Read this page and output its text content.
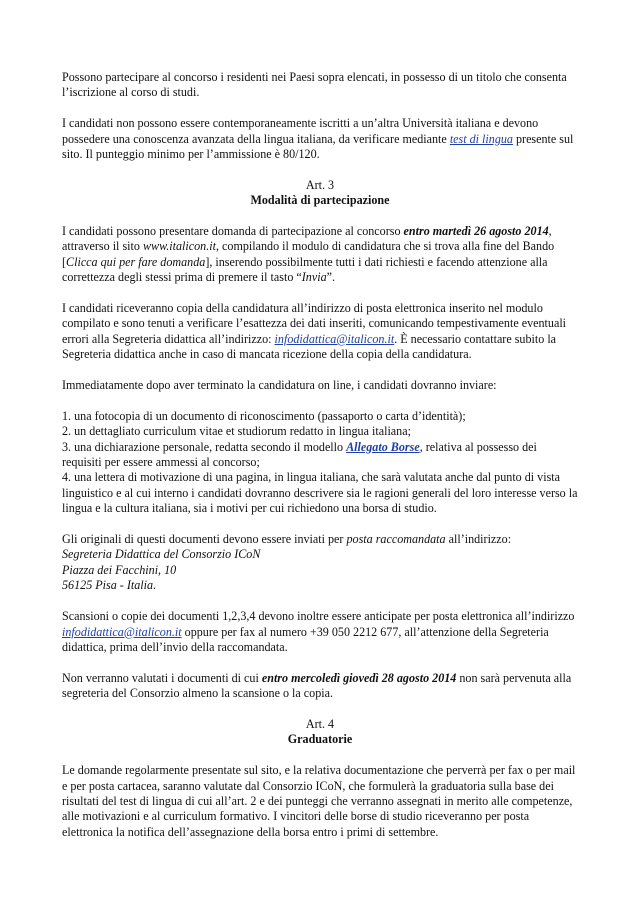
Possono partecipare al concorso i residenti nei Paesi sopra elencati, in possesso di un titolo che consenta l’iscrizione al corso di studi.

I candidati non possono essere contemporaneamente iscritti a un’altra Università italiana e devono possedere una conoscenza avanzata della lingua italiana, da verificare mediante test di lingua presente sul sito. Il punteggio minimo per l’ammissione è 80/120.

Art. 3
Modalità di partecipazione

I candidati possono presentare domanda di partecipazione al concorso entro martedì 26 agosto 2014, attraverso il sito www.italicon.it, compilando il modulo di candidatura che si trova alla fine del Bando [Clicca qui per fare domanda], inserendo possibilmente tutti i dati richiesti e facendo attenzione alla correttezza degli stessi prima di premere il tasto “Invia”.

I candidati riceveranno copia della candidatura all’indirizzo di posta elettronica inserito nel modulo compilato e sono tenuti a verificare l’esattezza dei dati inseriti, comunicando tempestivamente eventuali errori alla Segreteria didattica all’indirizzo: infodidattica@italicon.it. È necessario contattare subito la Segreteria didattica anche in caso di mancata ricezione della copia della candidatura.

Immediatamente dopo aver terminato la candidatura on line, i candidati dovranno inviare:

1. una fotocopia di un documento di riconoscimento (passaporto o carta d’identità);
2. un dettagliato curriculum vitae et studiorum redatto in lingua italiana;
3. una dichiarazione personale, redatta secondo il modello Allegato Borse, relativa al possesso dei requisiti per essere ammessi al concorso;
4. una lettera di motivazione di una pagina, in lingua italiana, che sarà valutata anche dal punto di vista linguistico e al cui interno i candidati dovranno descrivere sia le ragioni generali del loro interesse verso la lingua e la cultura italiana, sia i motivi per cui richiedono una borsa di studio.

Gli originali di questi documenti devono essere inviati per posta raccomandata all’indirizzo:
Segreteria Didattica del Consorzio ICoN
Piazza dei Facchini, 10
56125 Pisa - Italia.

Scansioni o copie dei documenti 1,2,3,4 devono inoltre essere anticipate per posta elettronica all’indirizzo infodidattica@italicon.it oppure per fax al numero +39 050 2212 677, all’attenzione della Segreteria didattica, prima dell’invio della raccomandata.

Non verranno valutati i documenti di cui entro mercoledì giovedì 28 agosto 2014 non sarà pervenuta alla segreteria del Consorzio almeno la scansione o la copia.

Art. 4
Graduatorie

Le domande regolarmente presentate sul sito, e la relativa documentazione che perverrà per fax o per mail e per posta cartacea, saranno valutate dal Consorzio ICoN, che formulerà la graduatoria sulla base dei risultati del test di lingua di cui all’art. 2 e dei punteggi che verranno assegnati in merito alle competenze, alle motivazioni e al curriculum formativo. I vincitori delle borse di studio riceveranno per posta elettronica la notifica dell’assegnazione della borsa entro i primi di settembre.
